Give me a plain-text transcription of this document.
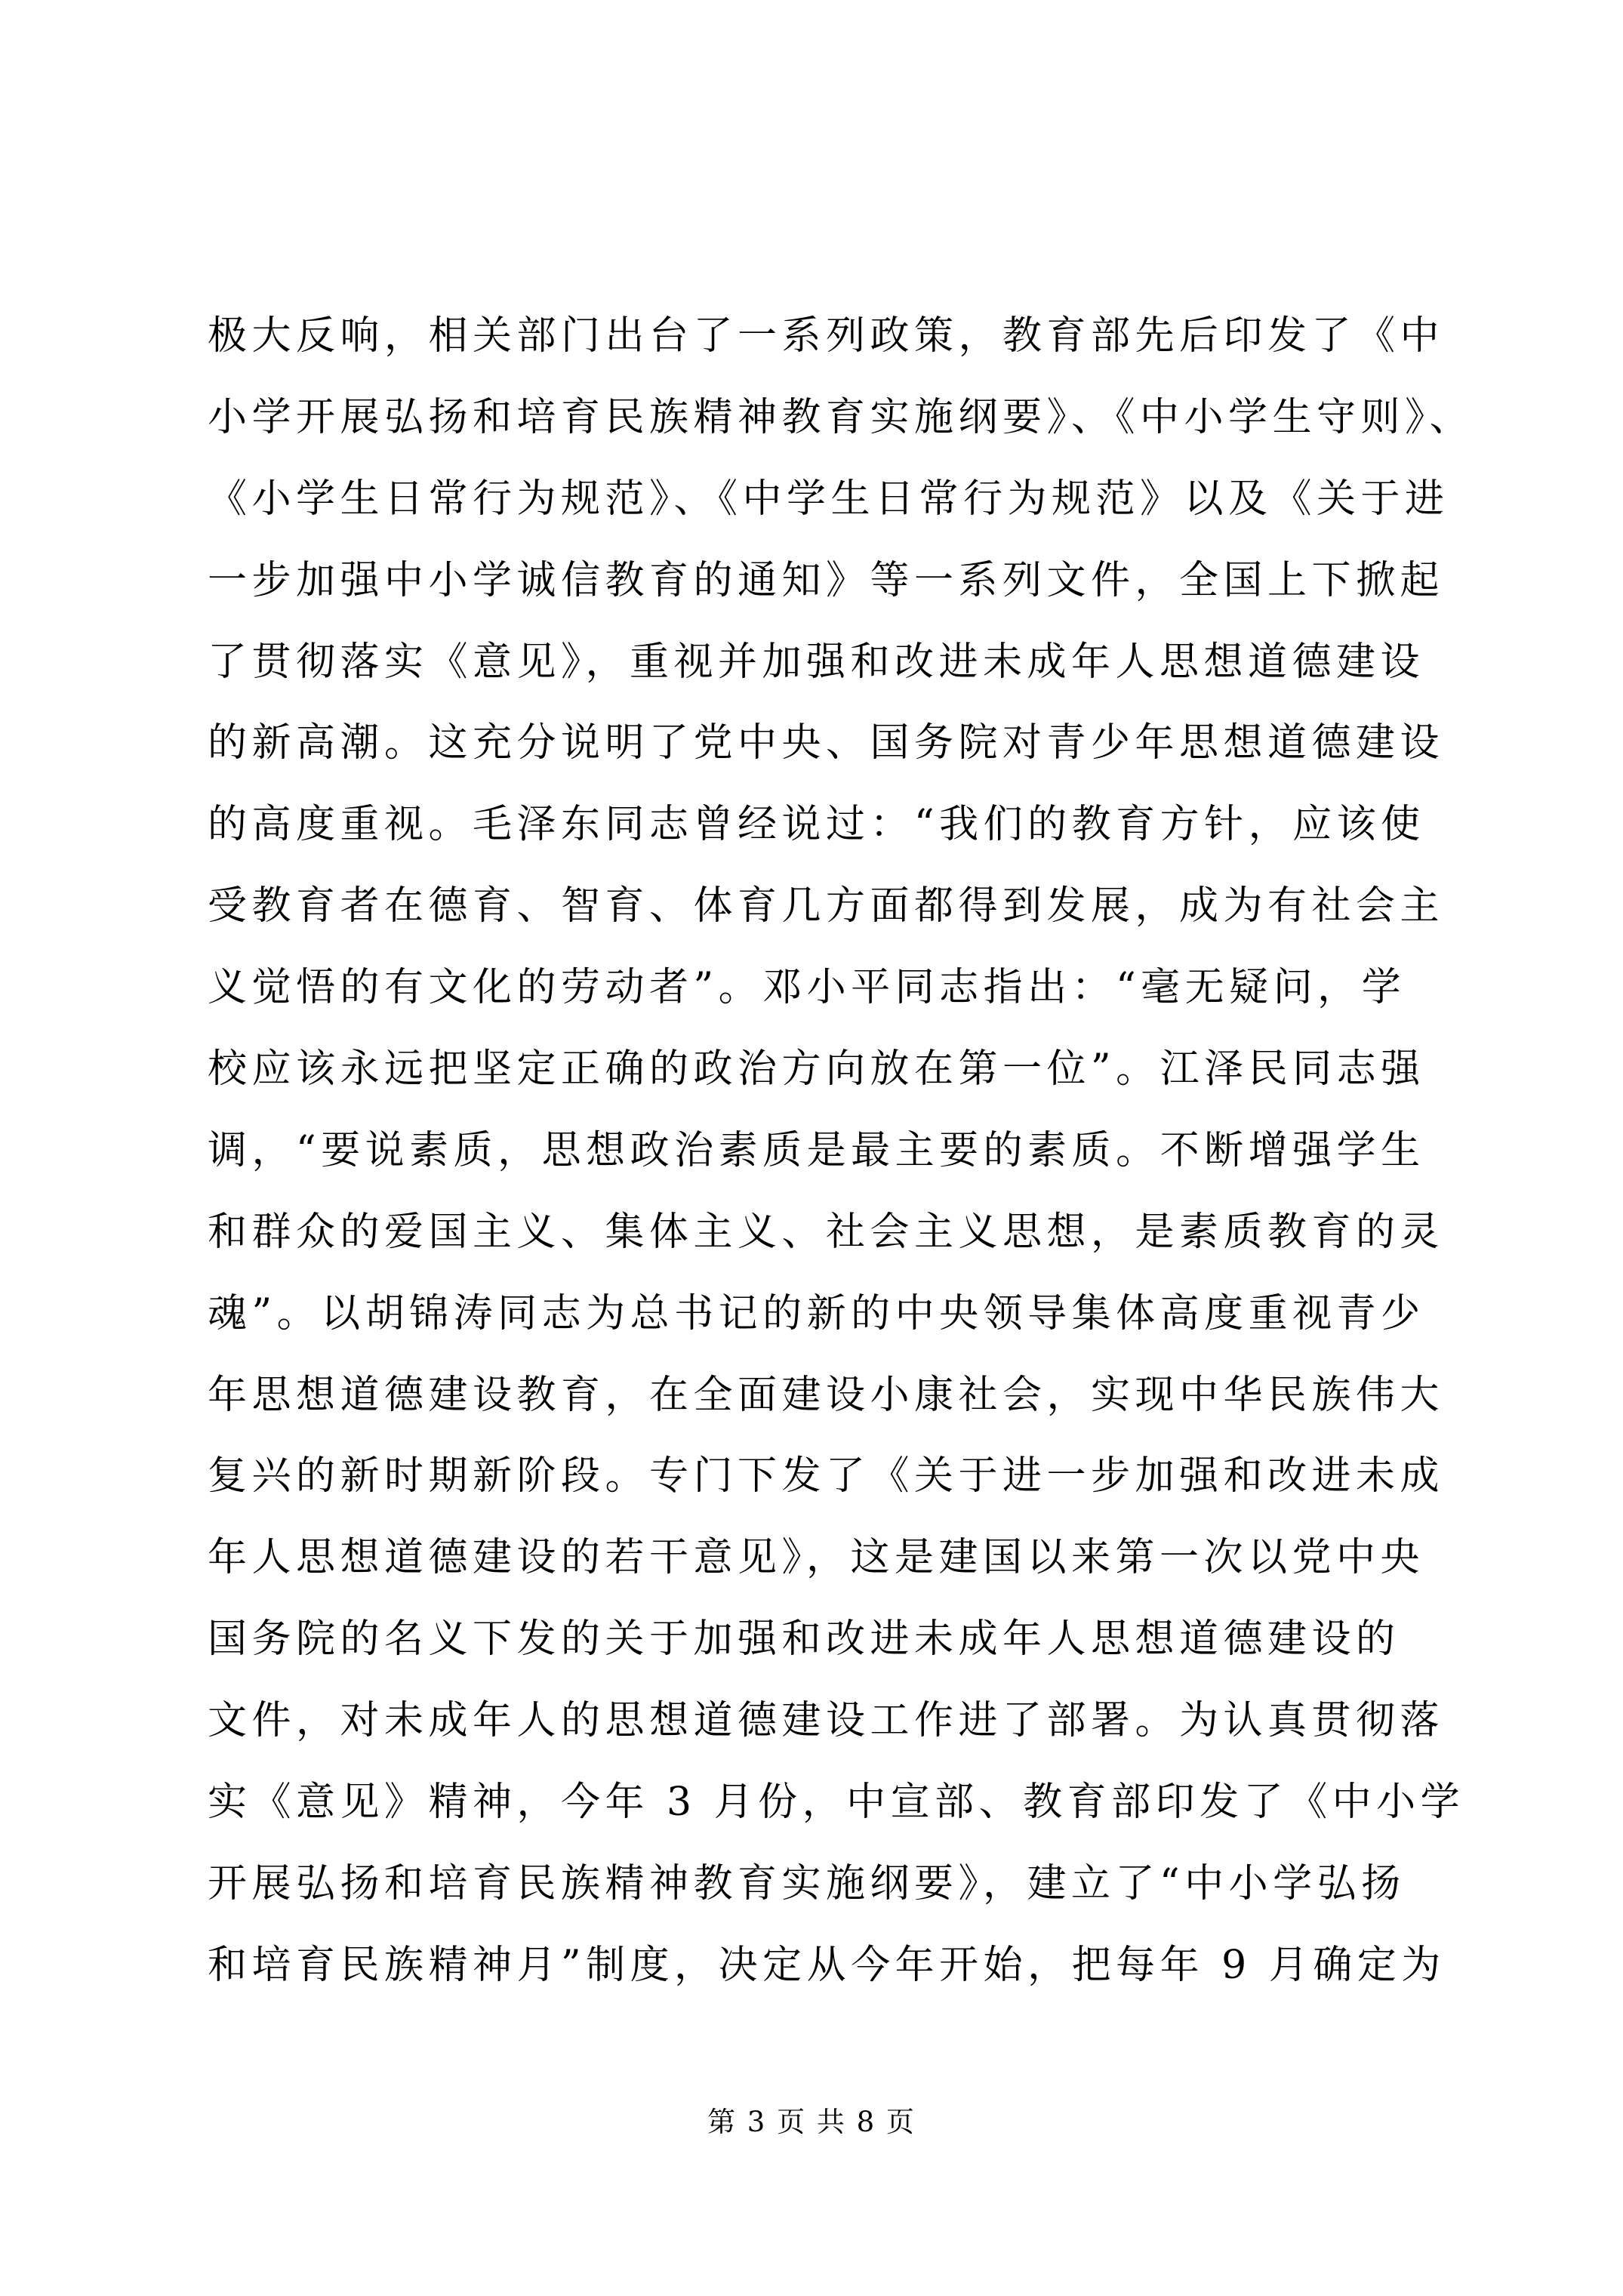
极大反响，相关部门出台了一系列政策，教育部先后印发了《中
小学开展弘扬和培育民族精神教育实施纲要》、《中小学生守则》、
《小学生日常行为规范》、《中学生日常行为规范》以及《关于进
一步加强中小学诚信教育的通知》等一系列文件，全国上下掀起
了贯彻落实《意见》，重视并加强和改进未成年人思想道德建设
的新高潮。这充分说明了党中央、国务院对青少年思想道德建设
的高度重视。毛泽东同志曾经说过：“我们的教育方针，应该使
受教育者在德育、智育、体育几方面都得到发展，成为有社会主
义觉悟的有文化的劳动者”。邓小平同志指出：“毫无疑问，学
校应该永远把坚定正确的政治方向放在第一位”。江泽民同志强
调，“要说素质，思想政治素质是最主要的素质。不断增强学生
和群众的爱国主义、集体主义、社会主义思想，是素质教育的灵
魂”。以胡锦涛同志为总书记的新的中央领导集体高度重视青少
年思想道德建设教育，在全面建设小康社会，实现中华民族伟大
复兴的新时期新阶段。专门下发了《关于进一步加强和改进未成
年人思想道德建设的若干意见》，这是建国以来第一次以党中央
国务院的名义下发的关于加强和改进未成年人思想道德建设的
文件，对未成年人的思想道德建设工作进了部署。为认真贯彻落
实《意见》精神，今年 3 月份，中宣部、教育部印发了《中小学
开展弘扬和培育民族精神教育实施纲要》，建立了“中小学弘扬
和培育民族精神月”制度，决定从今年开始，把每年 9 月确定为
第 3 页 共 8 页
